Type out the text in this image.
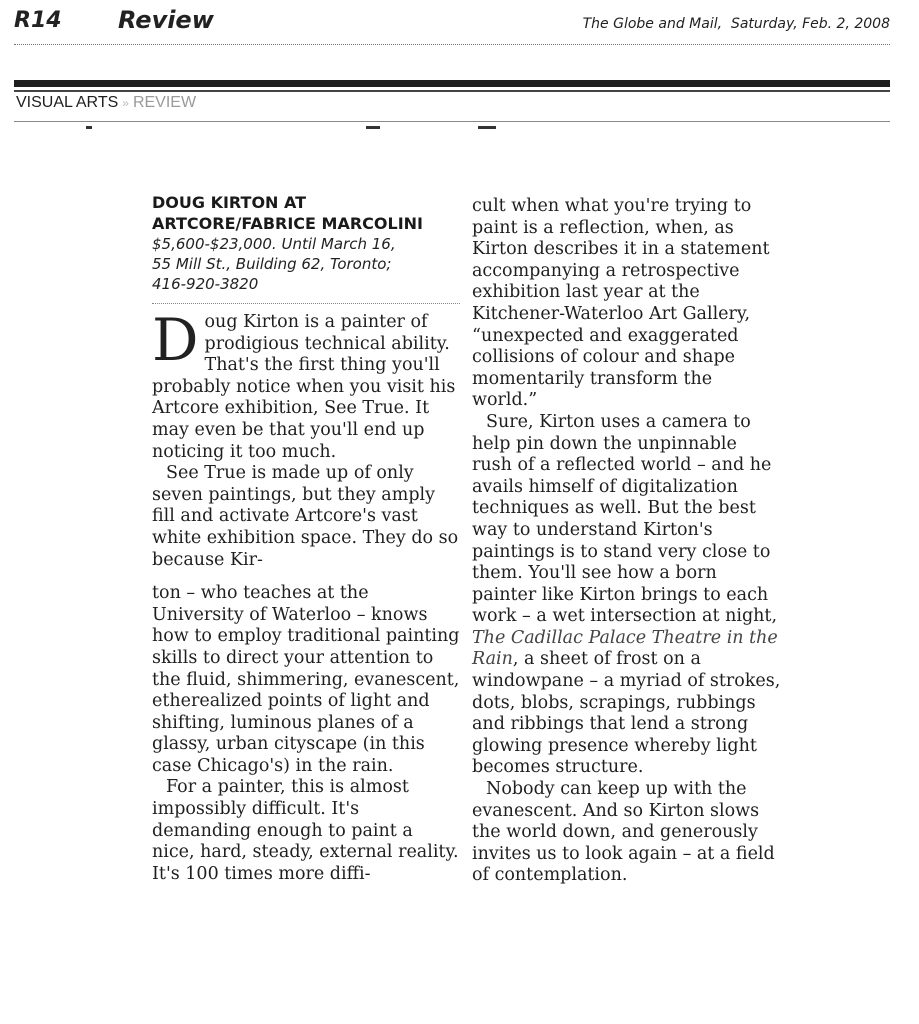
R14 Review	The Globe and Mail, Saturday, Feb. 2, 2008
VISUAL ARTS » REVIEW

DOUG KIRTON AT
ARTCORE/FABRICE MARCOLINI

$5,600-$23,000. Until March 16,
55 Mill St., Building 62, Toronto;
416-920-3820

Doug Kirton is a painter of prodigious technical ability. That's the first thing you'll probably notice when you visit his Artcore exhibition, See True. It may even be that you'll end up noticing it too much.

See True is made up of only seven paintings, but they amply fill and activate Artcore's vast white exhibition space. They do so because Kir-

ton – who teaches at the University of Waterloo – knows how to employ traditional painting skills to direct your attention to the fluid, shimmering, evanescent, etherealized points of light and shifting, luminous planes of a glassy, urban cityscape (in this case Chicago's) in the rain.

For a painter, this is almost impossibly difficult. It's demanding enough to paint a nice, hard, steady, external reality. It's 100 times more diffi-

cult when what you're trying to paint is a reflection, when, as Kirton describes it in a statement accompanying a retrospective exhibition last year at the Kitchener-Waterloo Art Gallery, “unexpected and exaggerated collisions of colour and shape momentarily transform the world.”

Sure, Kirton uses a camera to help pin down the unpinnable rush of a reflected world – and he avails himself of digitalization techniques as well. But the best way to understand Kirton's paintings is to stand very close to them. You'll see how a born painter like Kirton brings to each work – a wet intersection at night, The Cadillac Palace Theatre in the Rain, a sheet of frost on a windowpane – a myriad of strokes, dots, blobs, scrapings, rubbings and ribbings that lend a strong glowing presence whereby light becomes structure.

Nobody can keep up with the evanescent. And so Kirton slows the world down, and generously invites us to look again – at a field of contemplation.
